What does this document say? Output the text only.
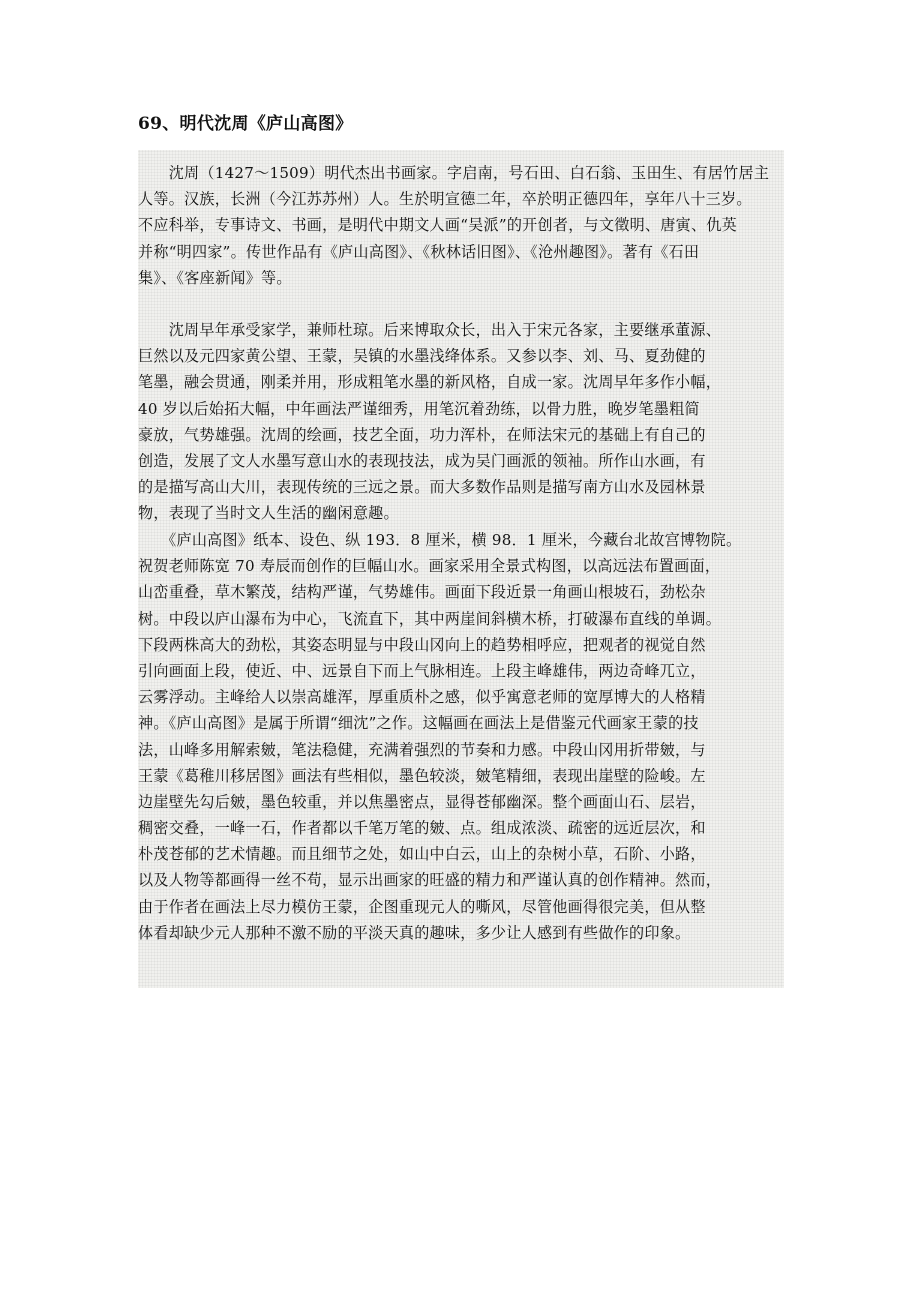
69、明代沈周《庐山高图》
　　沈周（1427～1509）明代杰出书画家。字启南，号石田、白石翁、玉田生、有居竹居主
人等。汉族，长洲（今江苏苏州）人。生於明宣德二年，卒於明正德四年，享年八十三岁。
不应科举，专事诗文、书画，是明代中期文人画“吴派”的开创者，与文徵明、唐寅、仇英
并称“明四家”。传世作品有《庐山高图》、《秋林话旧图》、《沧州趣图》。著有《石田
集》、《客座新闻》等。
　　沈周早年承受家学，兼师杜琼。后来博取众长，出入于宋元各家，主要继承董源、
巨然以及元四家黄公望、王蒙，吴镇的水墨浅绛体系。又参以李、刘、马、夏劲健的
笔墨，融会贯通，刚柔并用，形成粗笔水墨的新风格，自成一家。沈周早年多作小幅，
40 岁以后始拓大幅，中年画法严谨细秀，用笔沉着劲练，以骨力胜，晚岁笔墨粗简
豪放，气势雄强。沈周的绘画，技艺全面，功力浑朴，在师法宋元的基础上有自己的
创造，发展了文人水墨写意山水的表现技法，成为吴门画派的领袖。所作山水画，有
的是描写高山大川，表现传统的三远之景。而大多数作品则是描写南方山水及园林景
物，表现了当时文人生活的幽闲意趣。
　　《庐山高图》纸本、设色、纵 193．8 厘米，横 98．1 厘米，今藏台北故宫博物院。
祝贺老师陈宽 70 寿辰而创作的巨幅山水。画家采用全景式构图，以高远法布置画面，
山峦重叠，草木繁茂，结构严谨，气势雄伟。画面下段近景一角画山根坡石，劲松杂
树。中段以庐山瀑布为中心，飞流直下，其中两崖间斜横木桥，打破瀑布直线的单调。
下段两株高大的劲松，其姿态明显与中段山冈向上的趋势相呼应，把观者的视觉自然
引向画面上段，使近、中、远景自下而上气脉相连。上段主峰雄伟，两边奇峰兀立，
云雾浮动。主峰给人以崇高雄浑，厚重质朴之感，似乎寓意老师的宽厚博大的人格精
神。《庐山高图》是属于所谓“细沈”之作。这幅画在画法上是借鉴元代画家王蒙的技
法，山峰多用解索皴，笔法稳健，充满着强烈的节奏和力感。中段山冈用折带皴，与
王蒙《葛稚川移居图》画法有些相似，墨色较淡，皴笔精细，表现出崖壁的险峻。左
边崖壁先勾后皴，墨色较重，并以焦墨密点，显得苍郁幽深。整个画面山石、层岩，
稠密交叠，一峰一石，作者都以千笔万笔的皴、点。组成浓淡、疏密的远近层次，和
朴茂苍郁的艺术情趣。而且细节之处，如山中白云，山上的杂树小草，石阶、小路，
以及人物等都画得一丝不苟，显示出画家的旺盛的精力和严谨认真的创作精神。然而，
由于作者在画法上尽力模仿王蒙，企图重现元人的嘶风，尽管他画得很完美，但从整
体看却缺少元人那种不激不励的平淡天真的趣味，多少让人感到有些做作的印象。
